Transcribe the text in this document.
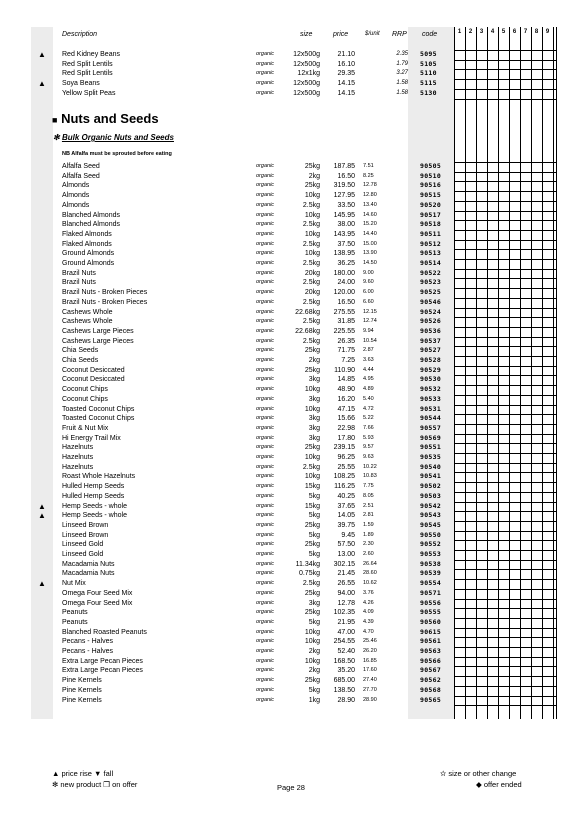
1	2	3	4	5	6	7	8	9
Description	size	price	$/unit RRP code
▲ Red Kidney Beans	organic	12x500g	21.10	2.35 5095
Red Split Lentils	organic	12x500g	16.10	1.79 5105
Red Split Lentils	organic	12x1kg	29.35	3.27 5110
▲ Soya Beans	organic	12x500g	14.15	1.58 5115
Yellow Split Peas	organic	12x500g	14.15	1.58 5130
■ Nuts and Seeds
✻ Bulk Organic Nuts and Seeds
NB Alfalfa must be sprouted before eating
Alfalfa Seed	organic	25kg	187.85 7.51	90505
Alfalfa Seed	organic	2kg	16.50 8.25	90510
Almonds	organic	25kg	319.50 12.78	90516
Almonds	organic	10kg	127.95 12.80	90515
Almonds	organic	2.5kg	33.50 13.40	90520
Blanched Almonds	organic	10kg	145.95 14.60	90517
Blanched Almonds	organic	2.5kg	38.00 15.20	90518
Flaked Almonds	organic	10kg	143.95 14.40	90511
Flaked Almonds	organic	2.5kg	37.50 15.00	90512
Ground Almonds	organic	10kg	138.95 13.90	90513
Ground Almonds	organic	2.5kg	36.25 14.50	90514
Brazil Nuts	organic	20kg	180.00 9.00	90522
Brazil Nuts	organic	2.5kg	24.00 9.60	90523
Brazil Nuts - Broken Pieces	organic	20kg	120.00 6.00	90525
Brazil Nuts - Broken Pieces	organic	2.5kg	16.50 6.60	90546
Cashews Whole	organic	22.68kg	275.55 12.15	90524
Cashews Whole	organic	2.5kg	31.85 12.74	90526
Cashews Large Pieces	organic	22.68kg	225.55 9.94	90536
Cashews Large Pieces	organic	2.5kg	26.35 10.54	90537
Chia Seeds	organic	25kg	71.75 2.87	90527
Chia Seeds	organic	2kg	7.25 3.63	90528
Coconut Desiccated	organic	25kg	110.90 4.44	90529
Coconut Desiccated	organic	3kg	14.85 4.95	90530
Coconut Chips	organic	10kg	48.90 4.89	90532
Coconut Chips	organic	3kg	16.20 5.40	90533
Toasted Coconut Chips	organic	10kg	47.15 4.72	90531
Toasted Coconut Chips	organic	3kg	15.66 5.22	90544
Fruit & Nut Mix	organic	3kg	22.98 7.66	90557
Hi Energy Trail Mix	organic	3kg	17.80 5.93	90569
Hazelnuts	organic	25kg	239.15 9.57	90551
Hazelnuts	organic	10kg	96.25 9.63	90535
Hazelnuts	organic	2.5kg	25.55 10.22	90540
Roast Whole Hazelnuts	organic	10kg	108.25 10.83	90541
Hulled Hemp Seeds	organic	15kg	116.25 7.75	90502
Hulled Hemp Seeds	organic	5kg	40.25 8.05	90503
▲ Hemp Seeds - whole	organic	15kg	37.65 2.51	90542
▲ Hemp Seeds - whole	organic	5kg	14.05 2.81	90543
Linseed Brown	organic	25kg	39.75 1.59	90545
Linseed Brown	organic	5kg	9.45 1.89	90550
Linseed Gold	organic	25kg	57.50 2.30	90552
Linseed Gold	organic	5kg	13.00 2.60	90553
Macadamia Nuts	organic	11.34kg	302.15 26.64	90538
Macadamia Nuts	organic	0.75kg	21.45 28.60	90539
▲ Nut Mix	organic	2.5kg	26.55 10.62	90554
Omega Four Seed Mix	organic	25kg	94.00 3.76	90571
Omega Four Seed Mix	organic	3kg	12.78 4.26	90556
Peanuts	organic	25kg	102.35 4.09	90555
Peanuts	organic	5kg	21.95 4.39	90560
Blanched Roasted Peanuts	organic	10kg	47.00 4.70	90615
Pecans - Halves	organic	10kg	254.55 25.46	90561
Pecans - Halves	organic	2kg	52.40 26.20	90563
Extra Large Pecan Pieces	organic	10kg	168.50 16.85	90566
Extra Large Pecan Pieces	organic	2kg	35.20 17.60	90567
Pine Kernels	organic	25kg	685.00 27.40	90562
Pine Kernels	organic	5kg	138.50 27.70	90568
Pine Kernels	organic	1kg	28.90 28.90	90565
▲ price rise ▼ fall
✻ new product ❒ on offer	Page 28
✫ size or other change
◆ offer ended
